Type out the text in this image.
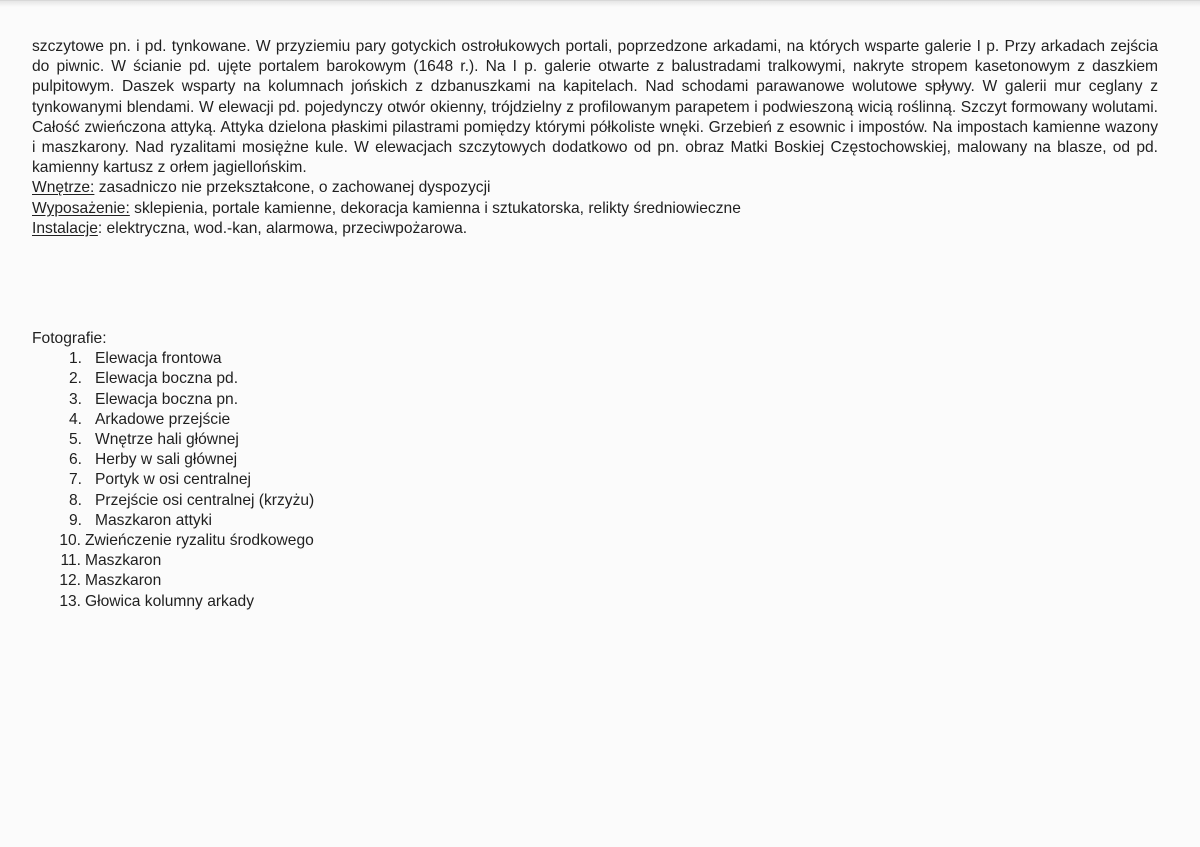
szczytowe pn. i pd. tynkowane. W przyziemiu pary gotyckich ostrołukowych portali, poprzedzone arkadami, na których wsparte galerie I p. Przy arkadach zejścia do piwnic. W ścianie pd. ujęte portalem barokowym (1648 r.). Na I p. galerie otwarte z balustradami tralkowymi, nakryte stropem kasetonowym z daszkiem pulpitowym. Daszek wsparty na kolumnach jońskich z dzbanuszkami na kapitelach. Nad schodami parawanowe wolutowe spływy. W galerii mur ceglany z tynkowanymi blendami. W elewacji pd. pojedynczy otwór okienny, trójdzielny z profilowanym parapetem i podwieszoną wicią roślinną. Szczyt formowany wolutami. Całość zwieńczona attyką. Attyka dzielona płaskimi pilastrami pomiędzy którymi półkoliste wnęki. Grzebień z esownic i impostów. Na impostach kamienne wazony i maszkarony. Nad ryzalitami mosiężne kule. W elewacjach szczytowych dodatkowo od pn. obraz Matki Boskiej Częstochowskiej, malowany na blasze, od pd. kamienny kartusz z orłem jagiellońskim.

Wnętrze: zasadniczo nie przekształcone, o zachowanej dyspozycji

Wyposażenie: sklepienia, portale kamienne, dekoracja kamienna i sztukatorska, relikty średniowieczne

Instalacje: elektryczna, wod.-kan, alarmowa, przeciwpożarowa.

Fotografie:

1. Elewacja frontowa
2. Elewacja boczna pd.
3. Elewacja boczna pn.
4. Arkadowe przejście
5. Wnętrze hali głównej
6. Herby w sali głównej
7. Portyk w osi centralnej
8. Przejście osi centralnej (krzyżu)
9. Maszkaron attyki
10. Zwieńczenie ryzalitu środkowego
11. Maszkaron
12. Maszkaron
13. Głowica kolumny arkady
